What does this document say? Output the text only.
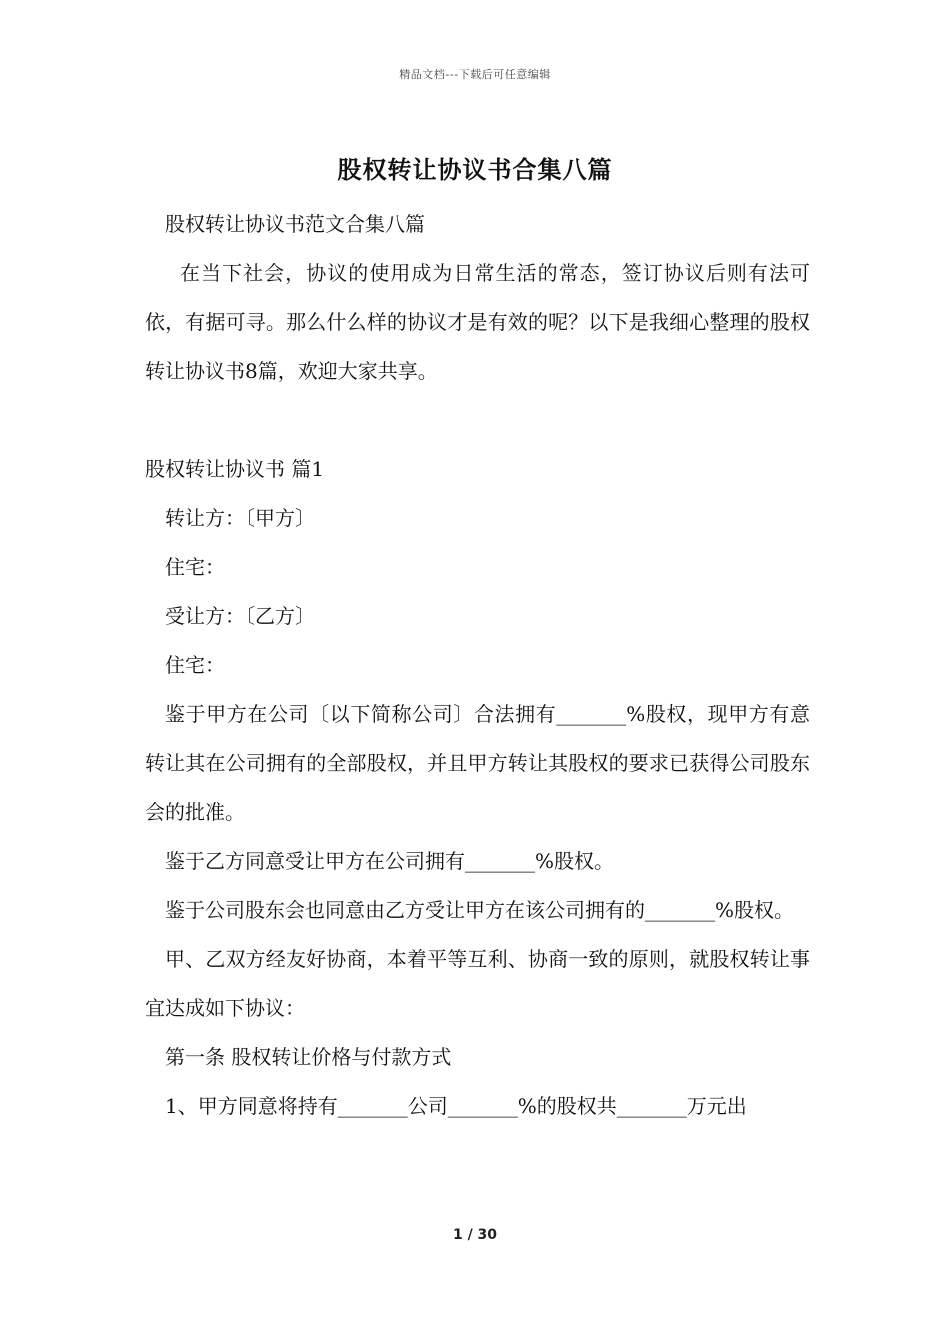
精品文档---下载后可任意编辑
股权转让协议书合集八篇

股权转让协议书范文合集八篇

在当下社会，协议的使用成为日常生活的常态，签订协议后则有法可依，有据可寻。那么什么样的协议才是有效的呢？以下是我细心整理的股权转让协议书8篇，欢迎大家共享。

股权转让协议书 篇1

转让方：〔甲方〕

住宅：

受让方：〔乙方〕

住宅：

鉴于甲方在公司〔以下简称公司〕合法拥有_______%股权，现甲方有意转让其在公司拥有的全部股权，并且甲方转让其股权的要求已获得公司股东会的批准。

鉴于乙方同意受让甲方在公司拥有_______%股权。

鉴于公司股东会也同意由乙方受让甲方在该公司拥有的_______%股权。

甲、乙双方经友好协商，本着平等互利、协商一致的原则，就股权转让事宜达成如下协议：

第一条 股权转让价格与付款方式

1、甲方同意将持有_______公司_______%的股权共_______万元出

1 / 30
